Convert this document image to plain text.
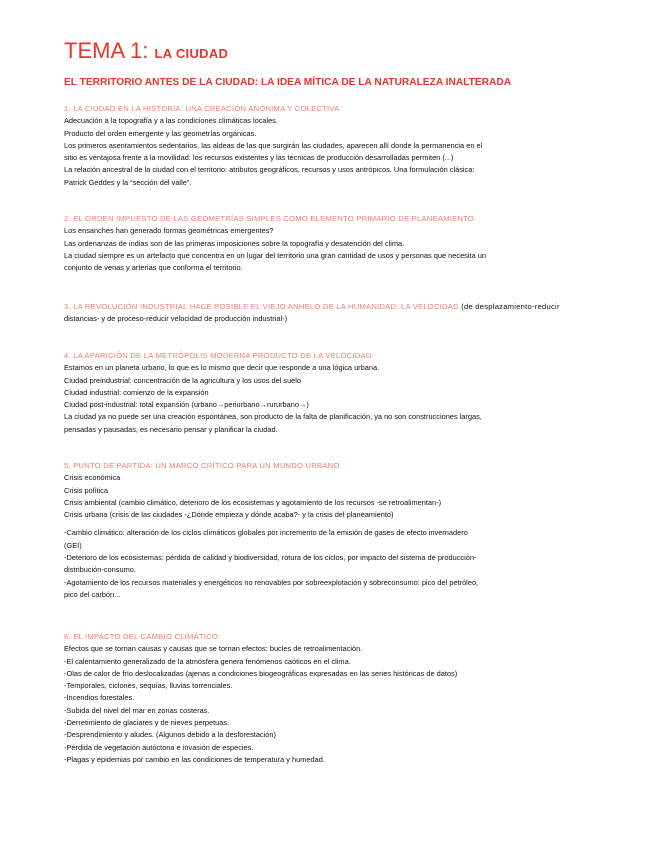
TEMA 1: LA CIUDAD
EL TERRITORIO ANTES DE LA CIUDAD: LA IDEA MÍTICA DE LA NATURALEZA INALTERADA
1. LA CIUDAD EN LA HISTORIA: UNA CREACIÓN ANÓNIMA Y COLECTIVA
Adecuación a la topografía y a las condiciones climáticas locales.
Producto del orden emergente y las geometrías orgánicas.
Los primeros asentamientos sedentarios, las aldeas de las que surgirán las ciudades, aparecen allí donde la permanencia en el
sitio es ventajosa frente a la movilidad: los recursos existentes y las técnicas de producción desarrolladas permiten (...)
La relación ancestral de la ciudad con el territorio: atributos geográficos, recursos y usos antrópicos. Una formulación clásica:
Patrick Geddes y la “sección del valle”.
2. EL ORDEN IMPUESTO DE LAS GEOMETRÍAS SIMPLES COMO ELEMENTO PRIMARIO DE PLANEAMIENTO.
Los ensanches han generado formas geométricas emergentes?
Las ordenanzas de indias son de las primeras imposiciones sobre la topografía y desatención del clima.
La ciudad siempre es un artefacto que concentra en un lugar del territorio una gran cantidad de usos y personas que necesita un
conjunto de venas y arterias que conforma el territorio.
3. LA REVOLUCIÓN INDUSTRIAL HACE POSIBLE EL VIEJO ANHELO DE LA HUMANIDAD: LA VELOCIDAD (de desplazamiento-reducir
distancias- y de proceso-reducir velocidad de producción industrial-)
4. LA APARICIÓN DE LA METRÓPOLIS MODERNA PRODUCTO DE LA VELOCIDAD
Estamos en un planeta urbano, lo que es lo mismo que decir que responde a una lógica urbana.
Ciudad preindustrial: concentración de la agricultura y los usos del suelo
Ciudad industrial: comienzo de la expansión
Ciudad post-industrial: total expansión (urbano→periurbano→rururbano→)
La ciudad ya no puede ser una creación espontánea, son producto de la falta de planificación, ya no son construcciones largas,
pensadas y pausadas, es necesario pensar y planificar la ciudad.
5. PUNTO DE PARTIDA: UN MARCO CRÍTICO PARA UN MUNDO URBANO
Crisis económica
Crisis política
Crisis ambiental (cambio climático, deterioro de los ecosistemas y agotamiento de los recursos -se retroalimentan-)
Crisis urbana (crisis de las ciudades -¿Dónde empieza y dónde acaba?- y la crisis del planeamiento)
-Cambio climático: alteración de los ciclos climáticos globales por incremento de la emisión de gases de efecto invernadero
(GEI)
-Deterioro de los ecosistemas: pérdida de calidad y biodiversidad, rotura de los ciclos, por impacto del sistema de producción-
distribución-consumo.
-Agotamiento de los recursos materiales y energéticos no renovables por sobreexplotación y sobreconsumo: pico del petróleo,
pico del carbón...
6. EL IMPACTO DEL CAMBIO CLIMÁTICO:
Efectos que se tornan causas y causas que se tornan efectos: bucles de retroalimentación.
-El calentamiento generalizado de la atmósfera genera fenómenos caóticos en el clima.
-Olas de calor de frío deslocalizadas (ajenas a condiciones biogeográficas expresadas en las series históricas de datos)
-Temporales, ciclones, sequías, lluvias torrenciales.
-Incendios forestales.
-Subida del nivel del mar en zonas costeras.
-Derretimiento de glaciares y de nieves perpetuas.
-Desprendimiento y aludes. (Algunos debido a la desforestación)
-Pérdida de vegetación autóctona e invasión de especies.
-Plagas y epidemias por cambio en las condiciones de temperatura y humedad.
